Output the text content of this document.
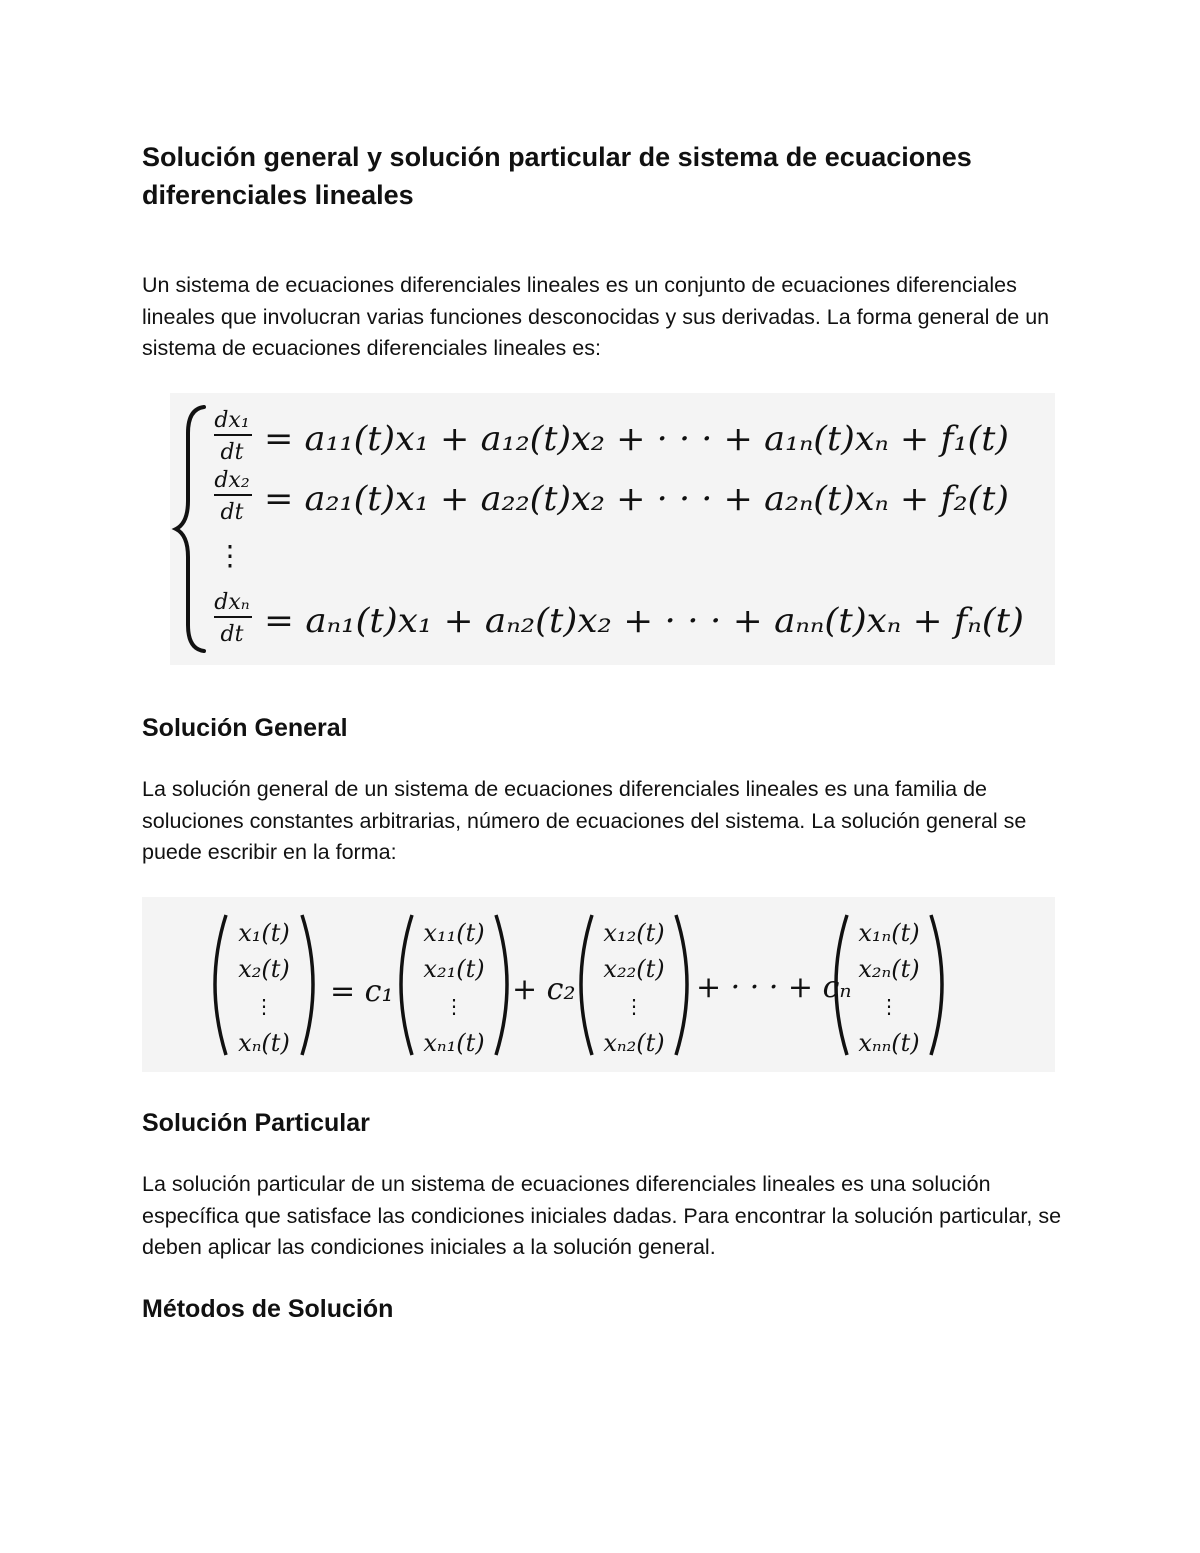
Solución general y solución particular de sistema de ecuaciones diferenciales lineales

Un sistema de ecuaciones diferenciales lineales es un conjunto de ecuaciones diferenciales lineales que involucran varias funciones desconocidas y sus derivadas. La forma general de un sistema de ecuaciones diferenciales lineales es:

dx₁
dt = a₁₁(t)x₁ + a₁₂(t)x₂ + · · · + a₁ₙ(t)xₙ + f₁(t)
dx₂
dt = a₂₁(t)x₁ + a₂₂(t)x₂ + · · · + a₂ₙ(t)xₙ + f₂(t)
⋮
dxₙ
dt = aₙ₁(t)x₁ + aₙ₂(t)x₂ + · · · + aₙₙ(t)xₙ + fₙ(t)
Solución General

La solución general de un sistema de ecuaciones diferenciales lineales es una familia de soluciones constantes arbitrarias, número de ecuaciones del sistema. La solución general se puede escribir en la forma:

x₁(t)
x₂(t)
⋮
xₙ(t)
= c₁
x₁₁(t)
x₂₁(t)
⋮
xₙ₁(t)
+ c₂
x₁₂(t)
x₂₂(t)
⋮
xₙ₂(t)
+ · · · + cₙ
x₁ₙ(t)
x₂ₙ(t)
⋮
xₙₙ(t)
Solución Particular

La solución particular de un sistema de ecuaciones diferenciales lineales es una solución específica que satisface las condiciones iniciales dadas. Para encontrar la solución particular, se deben aplicar las condiciones iniciales a la solución general.

Métodos de Solución
